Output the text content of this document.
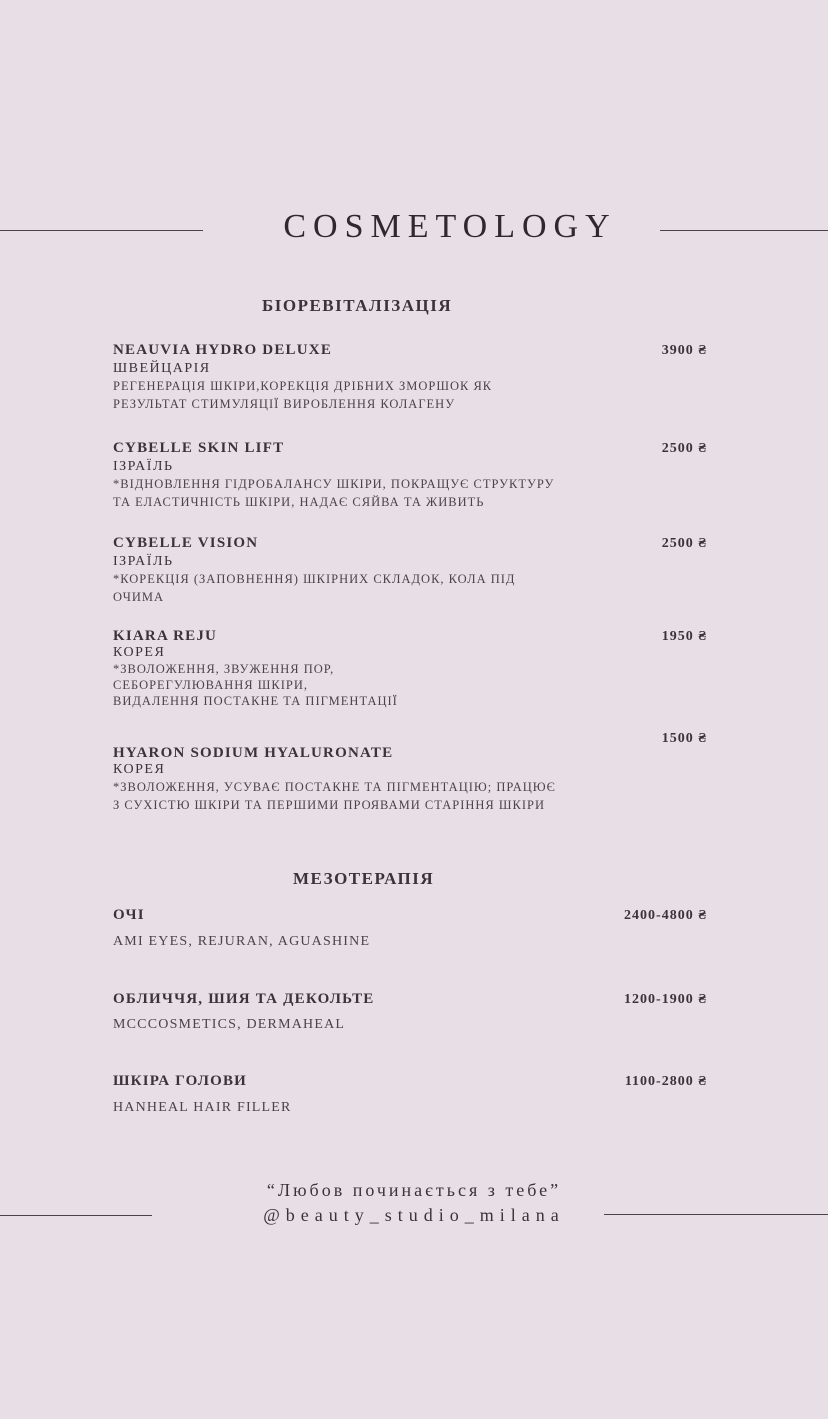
COSMETOLOGY
БІОРЕВІТАЛІЗАЦІЯ
NEAUVIA HYDRO DELUXE
ШВЕЙЦАРІЯ
РЕГЕНЕРАЦІЯ ШКІРИ,КОРЕКЦІЯ ДРІБНИХ ЗМОРШОК ЯК
РЕЗУЛЬТАТ СТИМУЛЯЦІЇ ВИРОБЛЕННЯ КОЛАГЕНУ
3900 ₴
CYBELLE SKIN LIFT
ІЗРАЇЛЬ
*ВІДНОВЛЕННЯ ГІДРОБАЛАНСУ ШКІРИ, ПОКРАЩУЄ СТРУКТУРУ
ТА ЕЛАСТИЧНІСТЬ ШКІРИ, НАДАЄ СЯЙВА ТА ЖИВИТЬ
2500 ₴
CYBELLE VISION
ІЗРАЇЛЬ
*КОРЕКЦІЯ (ЗАПОВНЕННЯ) ШКІРНИХ СКЛАДОК, КОЛА ПІД
ОЧИМА
2500 ₴
KIARA REJU
КОРЕЯ
*ЗВОЛОЖЕННЯ, ЗВУЖЕННЯ ПОР,
СЕБОРЕГУЛЮВАННЯ ШКІРИ,
ВИДАЛЕННЯ ПОСТАКНЕ ТА ПІГМЕНТАЦІЇ
1950 ₴
1500 ₴
HYARON SODIUM HYALURONATE
КОРЕЯ
*ЗВОЛОЖЕННЯ, УСУВАЄ ПОСТАКНЕ ТА ПІГМЕНТАЦІЮ; ПРАЦЮЄ
З СУХІСТЮ ШКІРИ ТА ПЕРШИМИ ПРОЯВАМИ СТАРІННЯ ШКІРИ
МЕЗОТЕРАПІЯ
ОЧІ
AMI EYES, REJURAN, AGUASHINE
2400-4800 ₴
ОБЛИЧЧЯ, ШИЯ ТА ДЕКОЛЬТЕ
MCCCOSMETICS, DERMAHEAL
1200-1900 ₴
ШКІРА ГОЛОВИ
HANHEAL HAIR FILLER
1100-2800 ₴
“Любов починається з тебе”
@beauty_studio_milana
